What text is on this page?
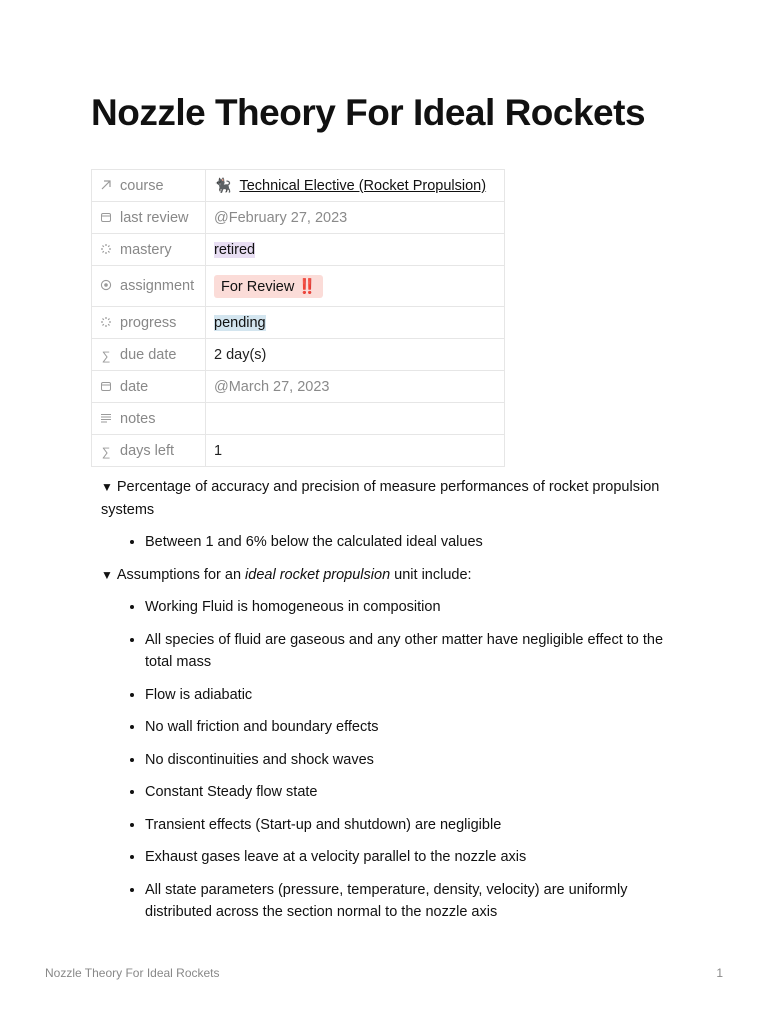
Nozzle Theory For Ideal Rockets
course	🐈‍⬛ Technical Elective (Rocket Propulsion)

last review	@February 27, 2023

mastery	retired

assignment	For Review ‼️

progress	pending
∑ due date	2 day(s)

date	@March 27, 2023

notes	
∑ days left	1
▼ Percentage of accuracy and precision of measure performances of rocket propulsion systems
• Between 1 and 6% below the calculated ideal values
▼ Assumptions for an ideal rocket propulsion unit include:
• Working Fluid is homogeneous in composition
• All species of fluid are gaseous and any other matter have negligible effect to the total mass
• Flow is adiabatic
• No wall friction and boundary effects
• No discontinuities and shock waves
• Constant Steady flow state
• Transient effects (Start-up and shutdown) are negligible
• Exhaust gases leave at a velocity parallel to the nozzle axis
• All state parameters (pressure, temperature, density, velocity) are uniformly distributed across the section normal to the nozzle axis
Nozzle Theory For Ideal Rockets	1
